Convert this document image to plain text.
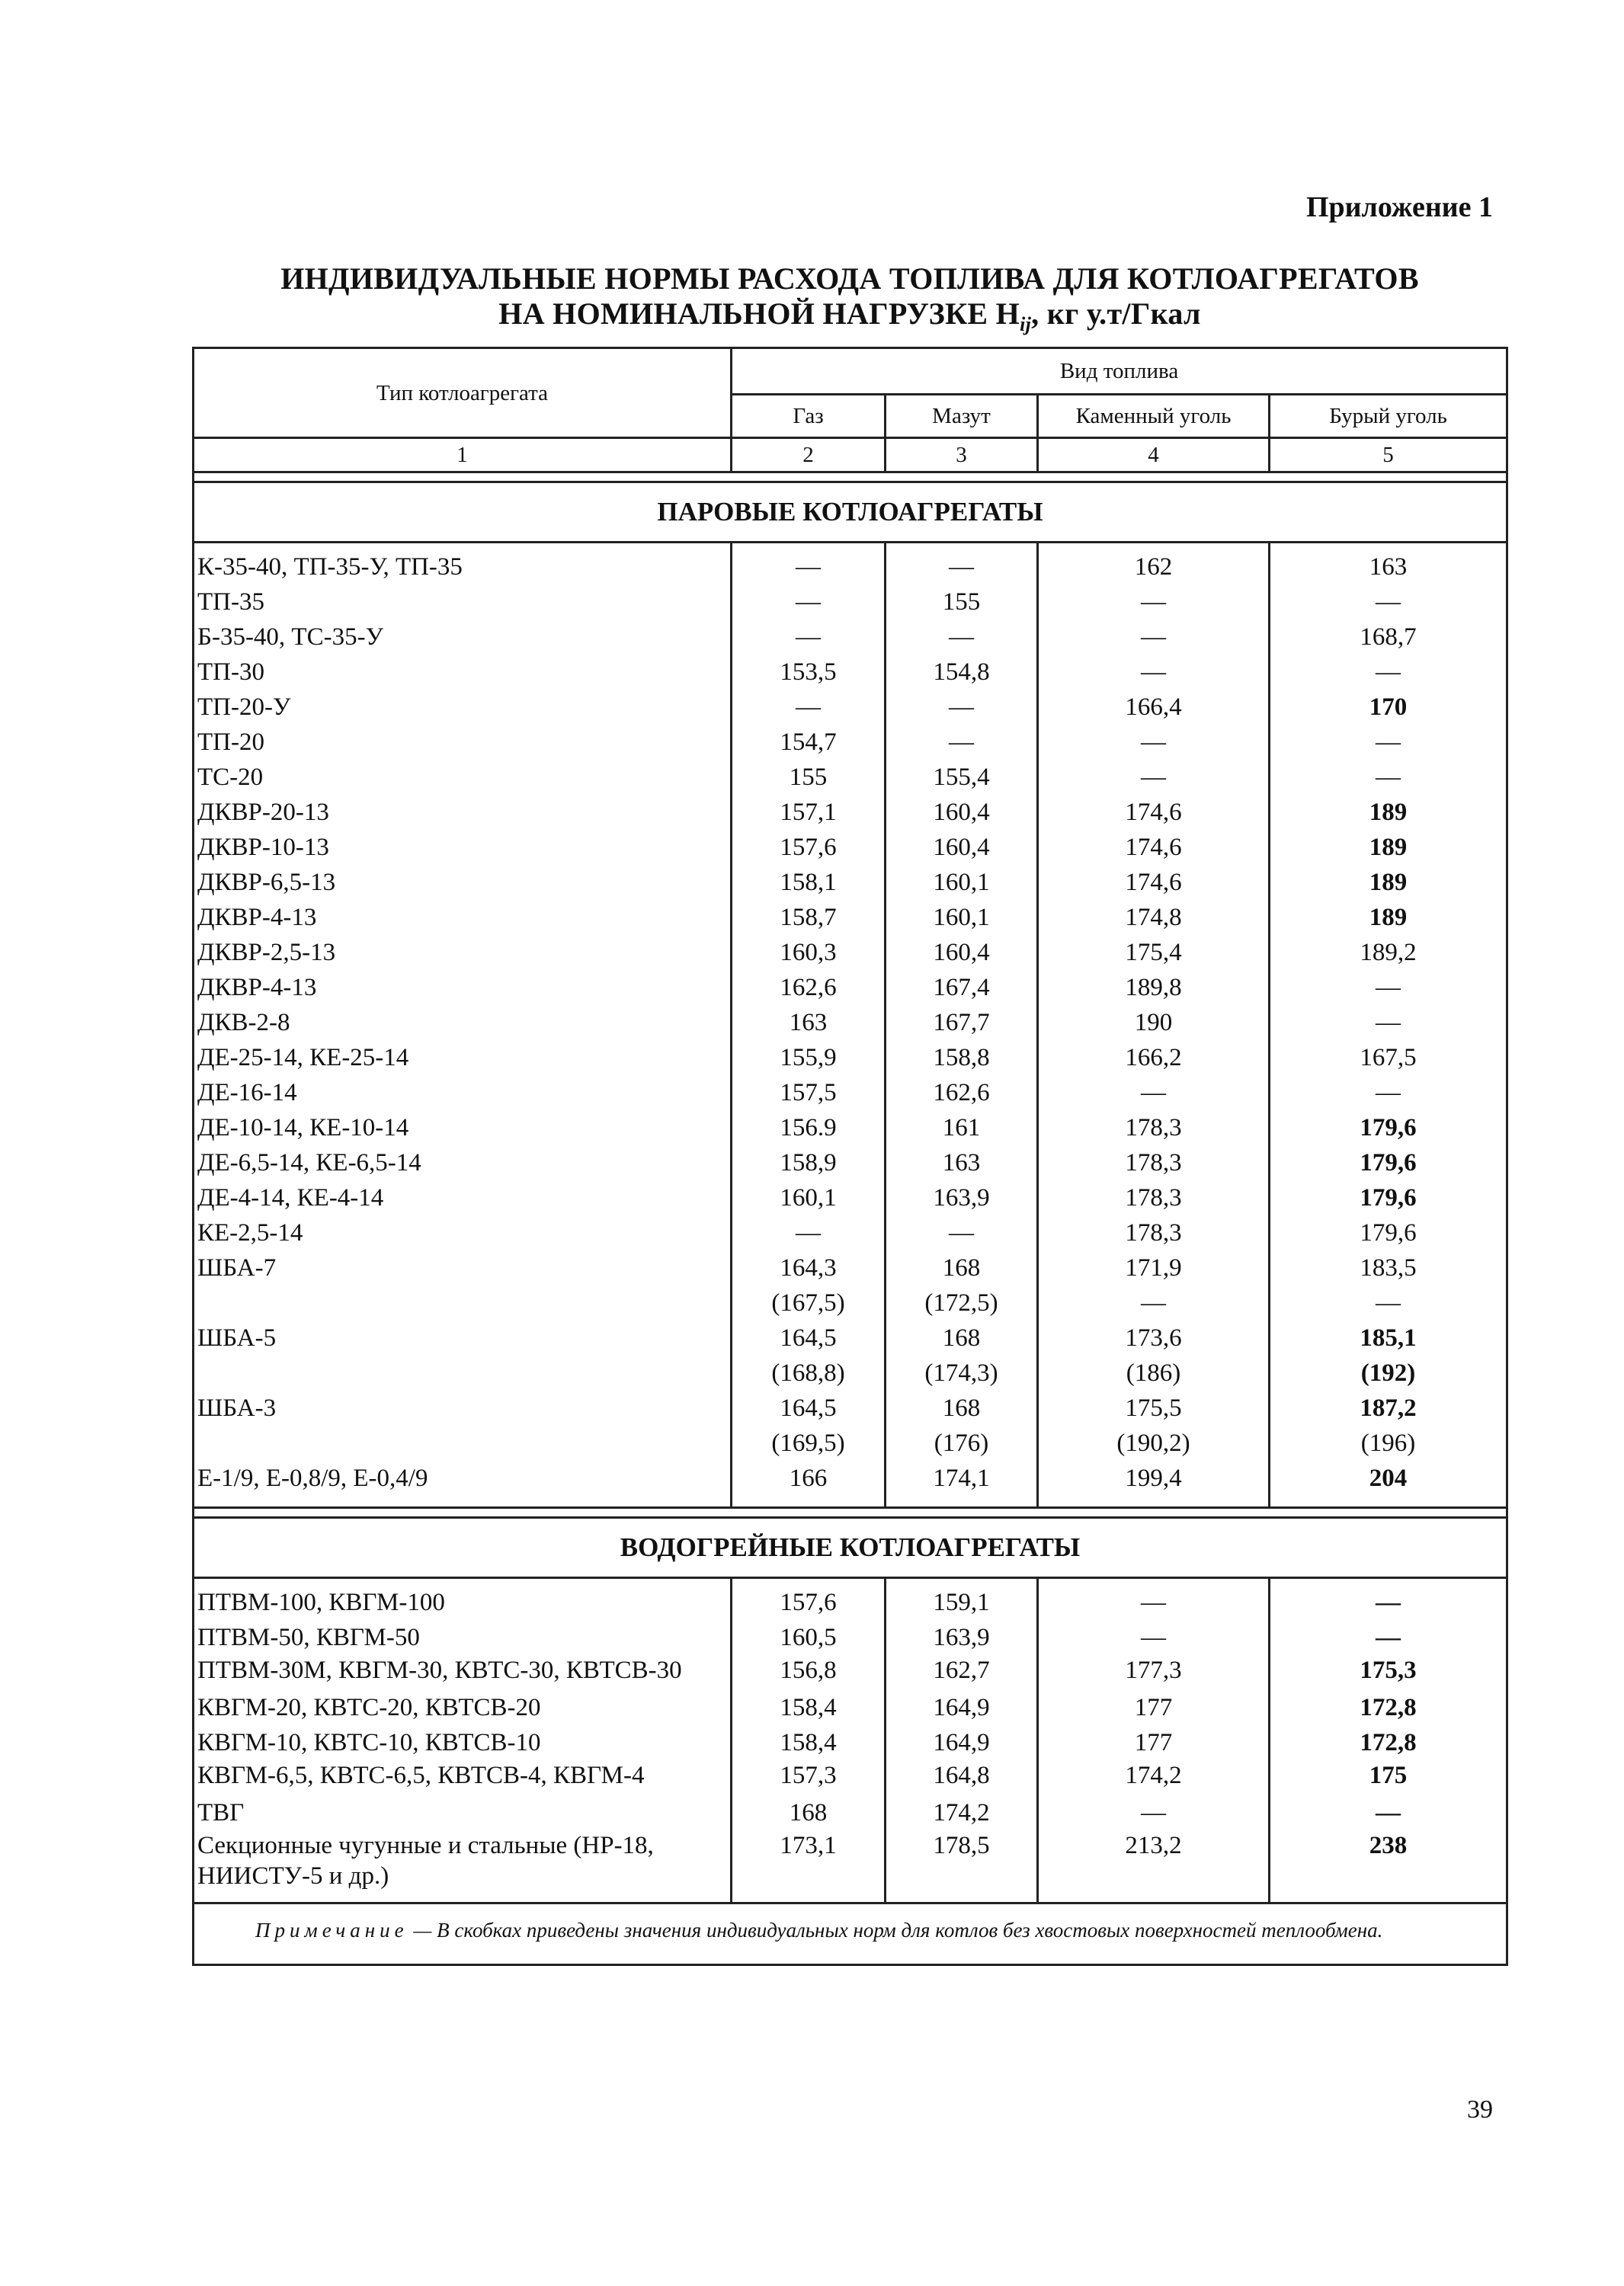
Приложение 1
ИНДИВИДУАЛЬНЫЕ НОРМЫ РАСХОДА ТОПЛИВА ДЛЯ КОТЛОАГРЕГАТОВ
НА НОМИНАЛЬНОЙ НАГРУЗКЕ $Н_{ij}$, кг у.т/Гкал
Тип котлоагрегата	Вид топлива			
	Газ	Мазут	Каменный уголь	Бурый уголь
1	2	3	4	5

ПАРОВЫЕ КОТЛОАГРЕГАТЫ				
К-35-40, ТП-35-У, ТП-35	—	—	162	163
ТП-35	—	155	—	—
Б-35-40, ТС-35-У	—	—	—	168,7
ТП-30	153,5	154,8	—	—
ТП-20-У	—	—	166,4	170
ТП-20	154,7	—	—	—
ТС-20	155	155,4	—	—
ДКВР-20-13	157,1	160,4	174,6	189
ДКВР-10-13	157,6	160,4	174,6	189
ДКВР-6,5-13	158,1	160,1	174,6	189
ДКВР-4-13	158,7	160,1	174,8	189
ДКВР-2,5-13	160,3	160,4	175,4	189,2
ДКВР-4-13	162,6	167,4	189,8	—
ДКВ-2-8	163	167,7	190	—
ДЕ-25-14, КЕ-25-14	155,9	158,8	166,2	167,5
ДЕ-16-14	157,5	162,6	—	—
ДЕ-10-14, КЕ-10-14	156.9	161	178,3	179,6
ДЕ-6,5-14, КЕ-6,5-14	158,9	163	178,3	179,6
ДЕ-4-14, КЕ-4-14	160,1	163,9	178,3	179,6
КЕ-2,5-14	—	—	178,3	179,6
ШБА-7	164,3	168	171,9	183,5
	(167,5)	(172,5)	—	—
ШБА-5	164,5	168	173,6	185,1
	(168,8)	(174,3)	(186)	(192)
ШБА-3	164,5	168	175,5	187,2
	(169,5)	(176)	(190,2)	(196)
Е-1/9, Е-0,8/9, Е-0,4/9	166	174,1	199,4	204

ВОДОГРЕЙНЫЕ КОТЛОАГРЕГАТЫ				
ПТВМ-100, КВГМ-100	157,6	159,1	—	—
ПТВМ-50, КВГМ-50	160,5	163,9	—	—
ПТВМ-30М, КВГМ-30, КВТС-30, КВТСВ-30	156,8	162,7	177,3	175,3
КВГМ-20, КВТС-20, КВТСВ-20	158,4	164,9	177	172,8
КВГМ-10, КВТС-10, КВТСВ-10	158,4	164,9	177	172,8
КВГМ-6,5, КВТС-6,5, КВТСВ-4, КВГМ-4	157,3	164,8	174,2	175
ТВГ	168	174,2	—	—
Секционные чугунные и стальные (НР-18, НИИСТУ-5 и др.)	173,1	178,5	213,2	238
Примечание — В скобках приведены значения индивидуальных норм для котлов без хвостовых поверхностей теплообмена.				
39
